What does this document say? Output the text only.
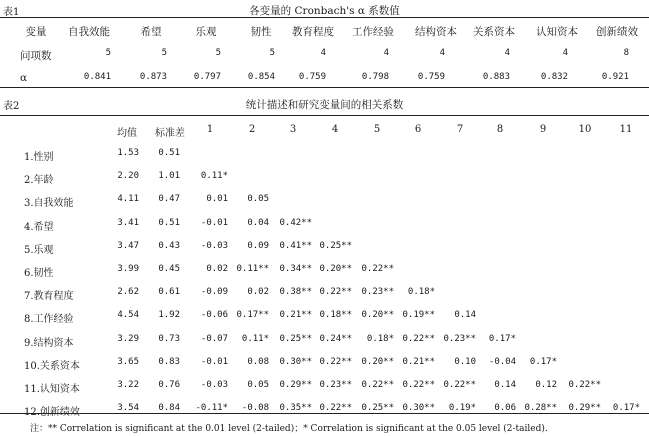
表1	各变量的 Cronbach's α 系数值
变量	自我效能	希望	乐观	韧性	教育程度	工作经验	结构资本	关系资本	认知资本	创新绩效
问项数	5	5	5	5	4	4	4	4	4	8
α	0.841	0.873	0.797	0.854	0.759	0.798	0.759	0.883	0.832	0.921
表2	统计描述和研究变量间的相关系数
均值	标准差	1	2	3	4	5	6	7	8	9	10	11
1.性别	1.53	0.51
2.年龄	2.20	1.01	0.11*
3.自我效能	4.11	0.47	0.01	0.05
4.希望	3.41	0.51	-0.01	0.04	0.42**
5.乐观	3.47	0.43	-0.03	0.09	0.41** 0.25**
6.韧性	3.99	0.45	0.02 0.11**	0.34** 0.20**	0.22**
7.教育程度	2.62	0.61	-0.09	0.02	0.38** 0.22**	0.23**	0.18*
8.工作经验	4.54	1.92	-0.06 0.17**	0.21** 0.18**	0.20** 0.19**	0.14
9.结构资本	3.29	0.73	-0.07	0.11*	0.25** 0.24**	0.18* 0.22** 0.23**	0.17*
10.关系资本	3.65	0.83	-0.01	0.08	0.30** 0.22**	0.20** 0.21**	0.10	-0.04	0.17*
11.认知资本	3.22	0.76	-0.03	0.05	0.29** 0.23**	0.22** 0.22** 0.22**	0.14	0.12	0.22**
12.创新绩效	3.54	0.84	-0.11*	-0.08	0.35** 0.22**	0.25** 0.30**	0.19*	0.06 0.28**	0.29**	0.17*
注：** Correlation is significant at the 0.01 level (2-tailed)；* Correlation is significant at the 0.05 level (2-tailed).
